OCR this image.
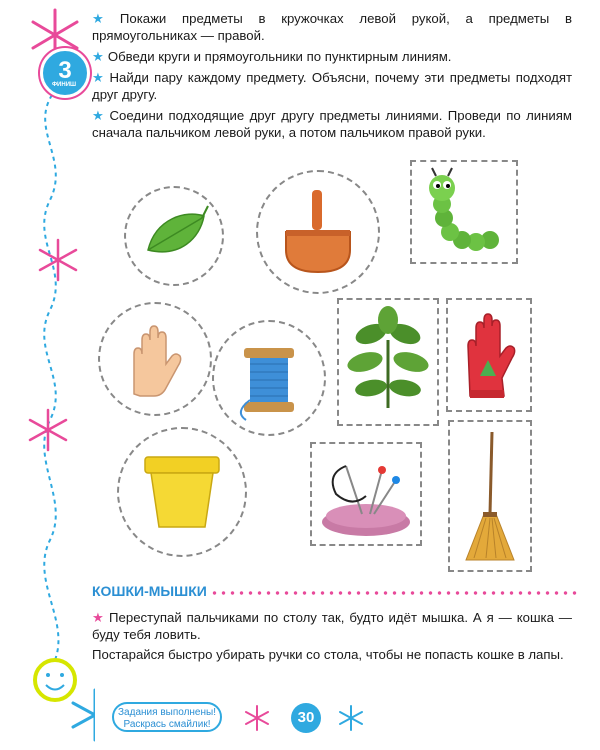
3
ФИНИШ

★ Покажи предметы в кружочках левой рукой, а предметы в прямоугольниках — правой.

★ Обведи круги и прямоугольники по пунктирным линиям.

★ Найди пару каждому предмету. Объясни, почему эти предметы подходят друг другу.

★ Соедини подходящие друг другу предметы линиями. Проведи по линиям сначала пальчиком левой руки, а потом пальчиком правой руки.

КОШКИ-МЫШКИ

★ Переступай пальчиками по столу так, будто идёт мышка. А я — кошка — буду тебя ловить.

Постарайся быстро убирать ручки со стола, чтобы не попасть кошке в лапы.

Задания выполнены!
Раскрась смайлик!	30
